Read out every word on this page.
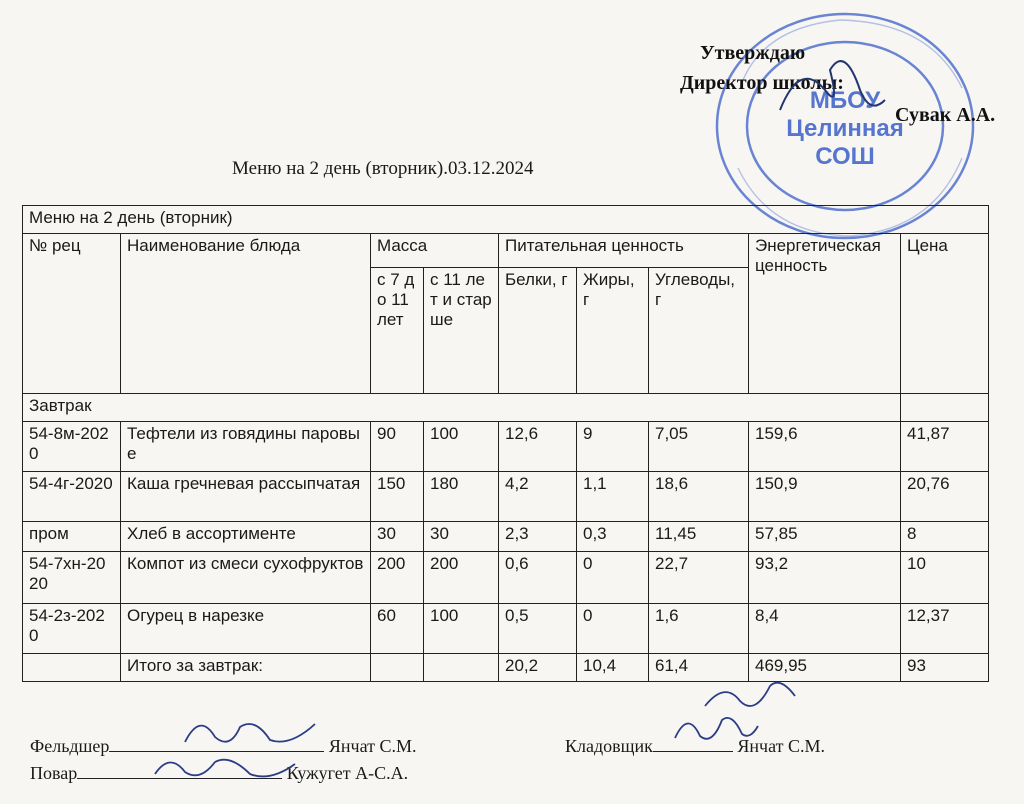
МБОУ
Целинная
СОШ
Утверждаю
Директор школы:
Сувак А.А.
Меню на 2 день (вторник).03.12.2024
Меню на 2 день (вторник)								
№ рец	Наименование блюда	Масса		Питательная ценность			Энергетическая ценность	Цена
		с 7 до 11 лет	с 11 лет и старше	Белки, г	Жиры, г	Углеводы, г		
Завтрак								
54-8м-2020	Тефтели из говядины паровые	90	100	12,6	9	7,05	159,6	41,87
54-4г-2020	Каша гречневая рассыпчатая	150	180	4,2	1,1	18,6	150,9	20,76
пром	Хлеб в ассортименте	30	30	2,3	0,3	11,45	57,85	8
54-7хн-2020	Компот из смеси сухофруктов	200	200	0,6	0	22,7	93,2	10
54-2з-2020	Огурец в нарезке	60	100	0,5	0	1,6	8,4	12,37
	Итого за завтрак:			20,2	10,4	61,4	469,95	93
Фельдшер	Янчат С.М.	Кладовщик	Янчат С.М.
Повар	Кужугет А-С.А.
